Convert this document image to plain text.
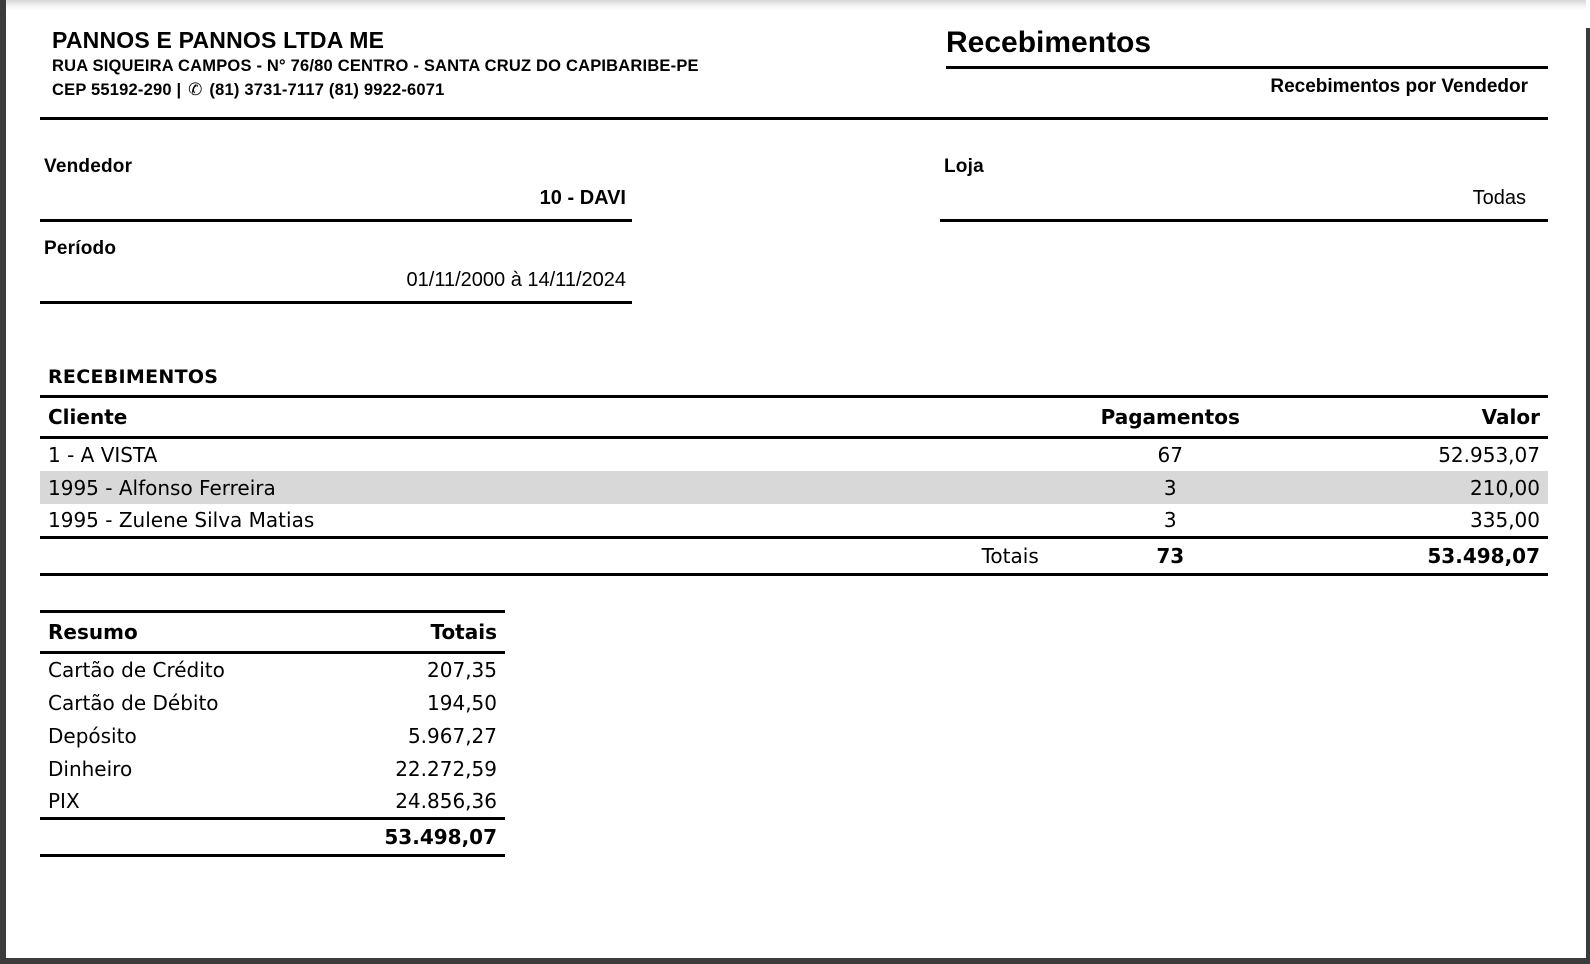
PANNOS E PANNOS LTDA ME
RUA SIQUEIRA CAMPOS - N° 76/80 CENTRO - SANTA CRUZ DO CAPIBARIBE-PE
CEP 55192-290 | ✆ (81) 3731-7117 (81) 9922-6071
Recebimentos
Recebimentos por Vendedor
Vendedor
10 - DAVI
Período
01/11/2000 à 14/11/2024
Loja
Todas
RECEBIMENTOS
Cliente	Pagamentos	Valor
1 - A VISTA	67	52.953,07
1995 - Alfonso Ferreira	3	210,00
1995 - Zulene Silva Matias	3	335,00
Totais	73	53.498,07
Resumo	Totais
Cartão de Crédito	207,35
Cartão de Débito	194,50
Depósito	5.967,27
Dinheiro	22.272,59
PIX	24.856,36
	53.498,07
